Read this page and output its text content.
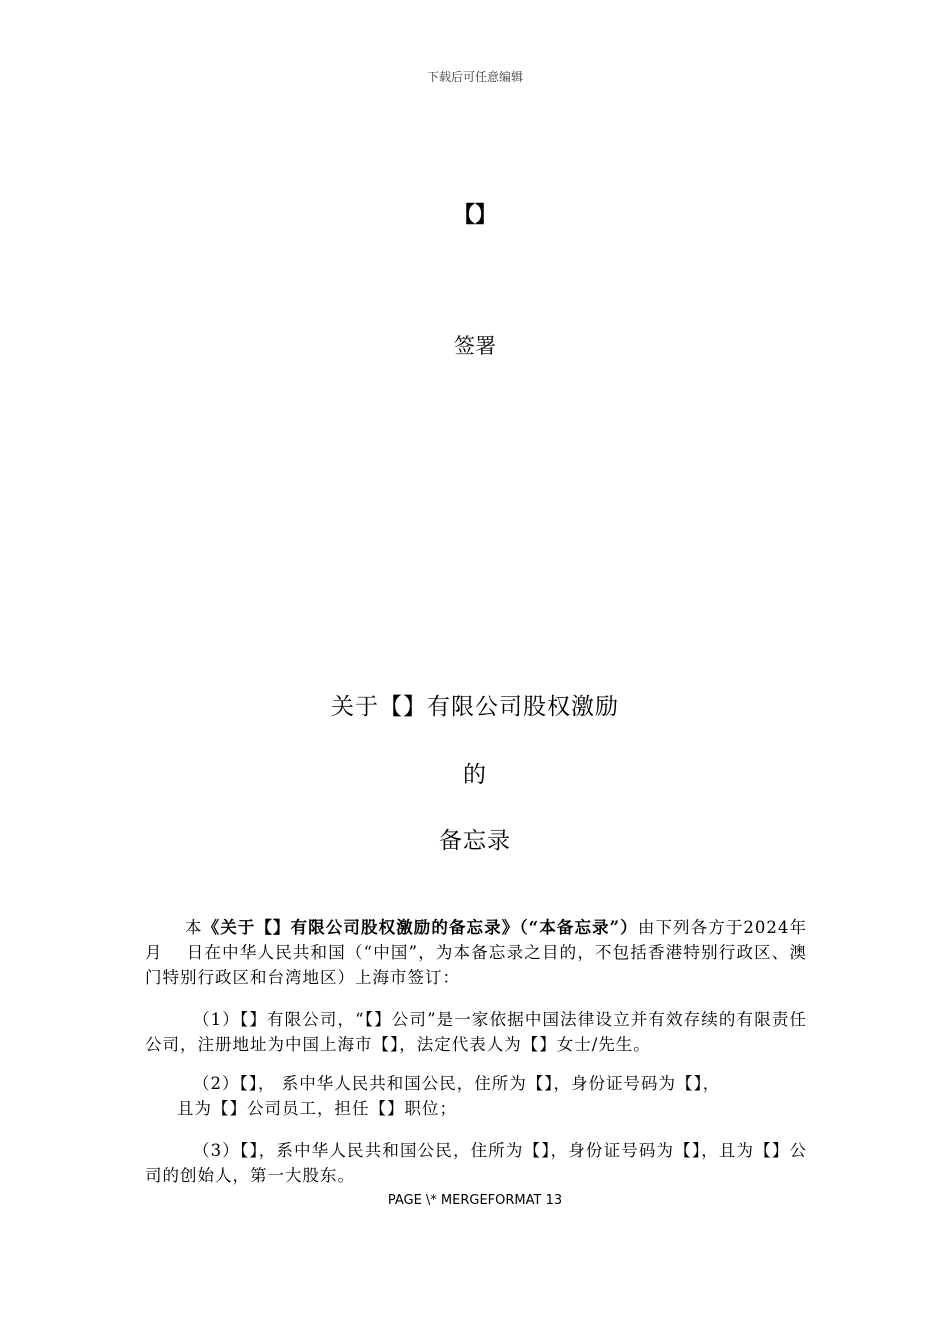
下载后可任意编辑
【】
签署
关于【】有限公司股权激励
的
备忘录
本《关于【】有限公司股权激励的备忘录》（“本备忘录”）由下列各方于2024年　 月　 日在中华人民共和国（“中国”，为本备忘录之目的，不包括香港特别行政区、澳门特别行政区和台湾地区）上海市签订：
（1）【】有限公司，“【】公司”是一家依据中国法律设立并有效存续的有限责任公司，注册地址为中国上海市【】，法定代表人为【】女士/先生。
（2）【】， 系中华人民共和国公民，住所为【】，身份证号码为【】，
且为【】公司员工，担任【】职位；
（3）【】，系中华人民共和国公民，住所为【】，身份证号码为【】，且为【】公司的创始人，第一大股东。
PAGE \* MERGEFORMAT 13
